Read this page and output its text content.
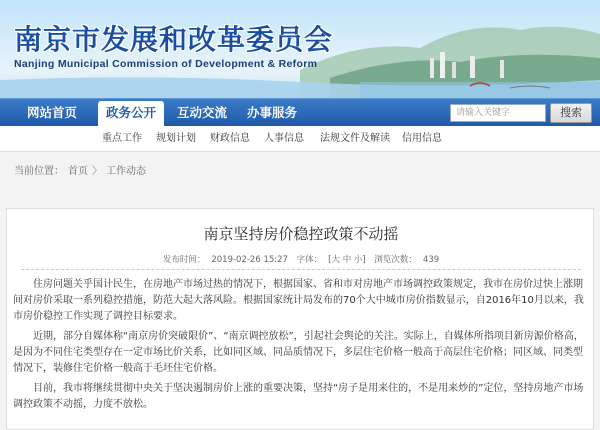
南京市发展和改革委员会
Nanjing Municipal Commission of Development & Reform
网站首页	政务公开	互动交流	办事服务	请输入关键字	搜索
重点工作 规划计划 财政信息 人事信息 法规文件及解读 信用信息
当前位置： 首页 〉 工作动态
南京坚持房价稳控政策不动摇
发布时间： 2019-02-26 15:27 字体： [大 中 小] 浏览次数： 439
住房问题关乎国计民生，在房地产市场过热的情况下，根据国家、省和市对房地产市场调控政策规定，我市在房价过快上涨期间对房价采取一系列稳控措施，防范大起大落风险。根据国家统计局发布的70个大中城市房价指数显示，自2016年10月以来，我市房价稳控工作实现了调控目标要求。
近期，部分自媒体称“南京房价突破限价”、“南京调控放松”，引起社会舆论的关注。实际上，自媒体所指项目新房源价格高，是因为不同住宅类型存在一定市场比价关系，比如同区域、同品质情况下，多层住宅价格一般高于高层住宅价格；同区域、同类型情况下，装修住宅价格一般高于毛坯住宅价格。
目前，我市将继续贯彻中央关于坚决遏制房价上涨的重要决策，坚持“房子是用来住的，不是用来炒的”定位，坚持房地产市场调控政策不动摇，力度不放松。
